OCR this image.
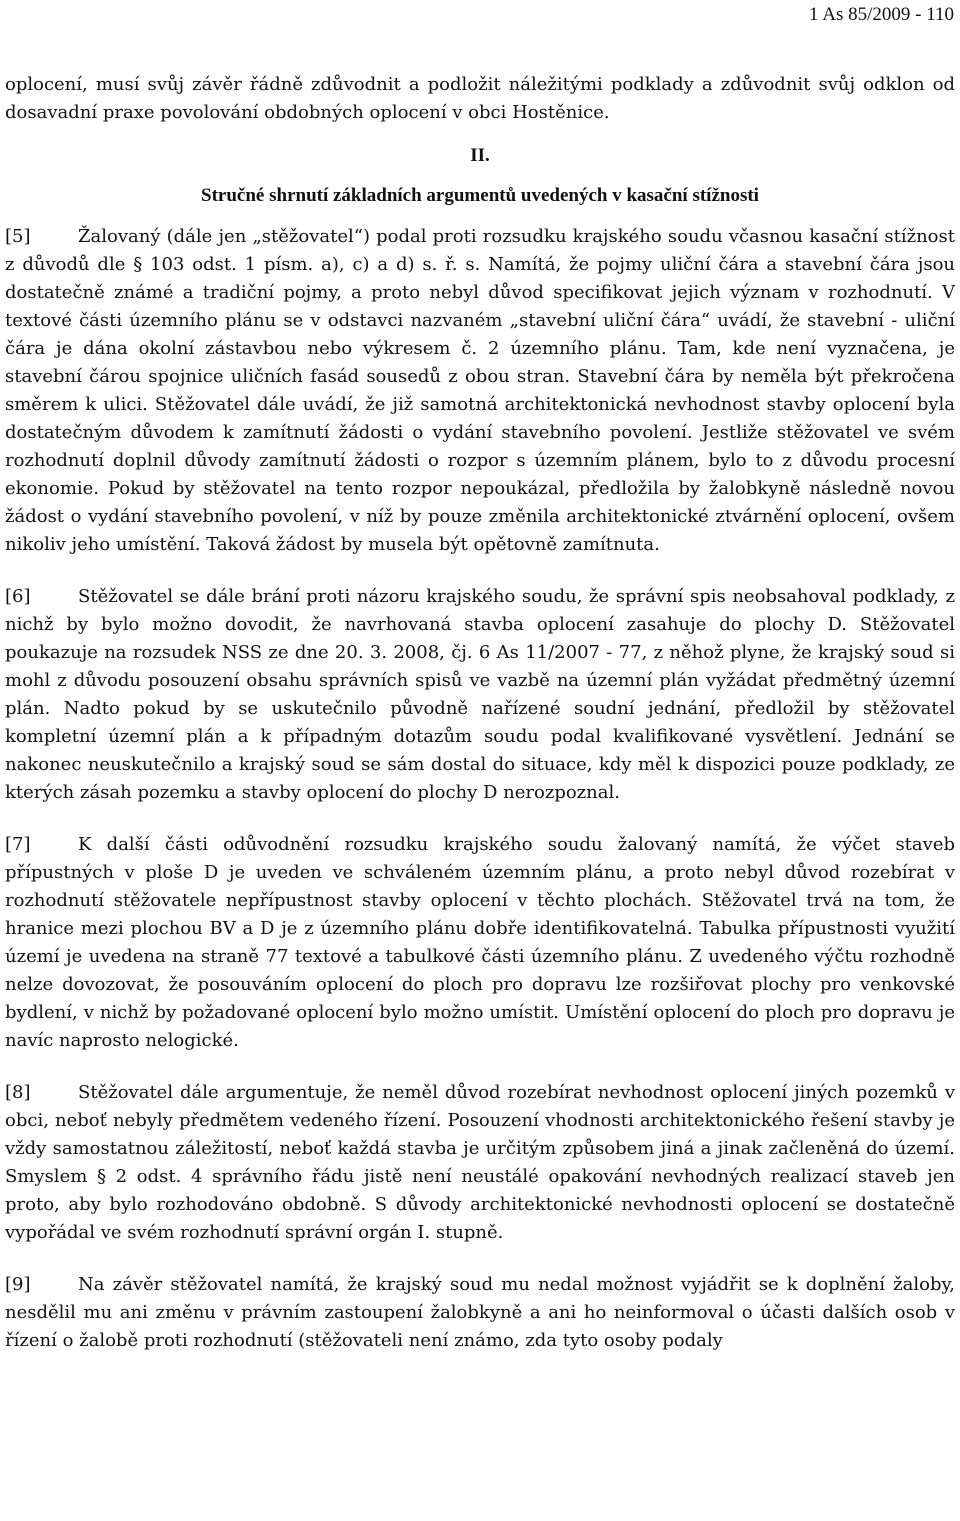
1 As 85/2009 - 110

oplocení, musí svůj závěr řádně zdůvodnit a podložit náležitými podklady a zdůvodnit svůj odklon od dosavadní praxe povolování obdobných oplocení v obci Hostěnice.

II.
Stručné shrnutí základních argumentů uvedených v kasační stížnosti

[5]	Žalovaný (dále jen „stěžovatel“) podal proti rozsudku krajského soudu včasnou kasační stížnost z důvodů dle § 103 odst. 1 písm. a), c) a d) s. ř. s. Namítá, že pojmy uliční čára a stavební čára jsou dostatečně známé a tradiční pojmy, a proto nebyl důvod specifikovat jejich význam v rozhodnutí. V textové části územního plánu se v odstavci nazvaném „stavební uliční čára“ uvádí, že stavební - uliční čára je dána okolní zástavbou nebo výkresem č. 2 územního plánu. Tam, kde není vyznačena, je stavební čárou spojnice uličních fasád sousedů z obou stran. Stavební čára by neměla být překročena směrem k ulici. Stěžovatel dále uvádí, že již samotná architektonická nevhodnost stavby oplocení byla dostatečným důvodem k zamítnutí žádosti o vydání stavebního povolení. Jestliže stěžovatel ve svém rozhodnutí doplnil důvody zamítnutí žádosti o rozpor s územním plánem, bylo to z důvodu procesní ekonomie. Pokud by stěžovatel na tento rozpor nepoukázal, předložila by žalobkyně následně novou žádost o vydání stavebního povolení, v níž by pouze změnila architektonické ztvárnění oplocení, ovšem nikoliv jeho umístění. Taková žádost by musela být opětovně zamítnuta.

[6]	Stěžovatel se dále brání proti názoru krajského soudu, že správní spis neobsahoval podklady, z nichž by bylo možno dovodit, že navrhovaná stavba oplocení zasahuje do plochy D. Stěžovatel poukazuje na rozsudek NSS ze dne 20. 3. 2008, čj. 6 As 11/2007 - 77, z něhož plyne, že krajský soud si mohl z důvodu posouzení obsahu správních spisů ve vazbě na územní plán vyžádat předmětný územní plán. Nadto pokud by se uskutečnilo původně nařízené soudní jednání, předložil by stěžovatel kompletní územní plán a k případným dotazům soudu podal kvalifikované vysvětlení. Jednání se nakonec neuskutečnilo a krajský soud se sám dostal do situace, kdy měl k dispozici pouze podklady, ze kterých zásah pozemku a stavby oplocení do plochy D nerozpoznal.

[7]	K další části odůvodnění rozsudku krajského soudu žalovaný namítá, že výčet staveb přípustných v ploše D je uveden ve schváleném územním plánu, a proto nebyl důvod rozebírat v rozhodnutí stěžovatele nepřípustnost stavby oplocení v těchto plochách. Stěžovatel trvá na tom, že hranice mezi plochou BV a D je z územního plánu dobře identifikovatelná. Tabulka přípustnosti využití území je uvedena na straně 77 textové a tabulkové části územního plánu. Z uvedeného výčtu rozhodně nelze dovozovat, že posouváním oplocení do ploch pro dopravu lze rozšiřovat plochy pro venkovské bydlení, v nichž by požadované oplocení bylo možno umístit. Umístění oplocení do ploch pro dopravu je navíc naprosto nelogické.

[8]	Stěžovatel dále argumentuje, že neměl důvod rozebírat nevhodnost oplocení jiných pozemků v obci, neboť nebyly předmětem vedeného řízení. Posouzení vhodnosti architektonického řešení stavby je vždy samostatnou záležitostí, neboť každá stavba je určitým způsobem jiná a jinak začleněná do území. Smyslem § 2 odst. 4 správního řádu jistě není neustálé opakování nevhodných realizací staveb jen proto, aby bylo rozhodováno obdobně. S důvody architektonické nevhodnosti oplocení se dostatečně vypořádal ve svém rozhodnutí správní orgán I. stupně.

[9]	Na závěr stěžovatel namítá, že krajský soud mu nedal možnost vyjádřit se k doplnění žaloby, nesdělil mu ani změnu v právním zastoupení žalobkyně a ani ho neinformoval o účasti dalších osob v řízení o žalobě proti rozhodnutí (stěžovateli není známo, zda tyto osoby podaly
